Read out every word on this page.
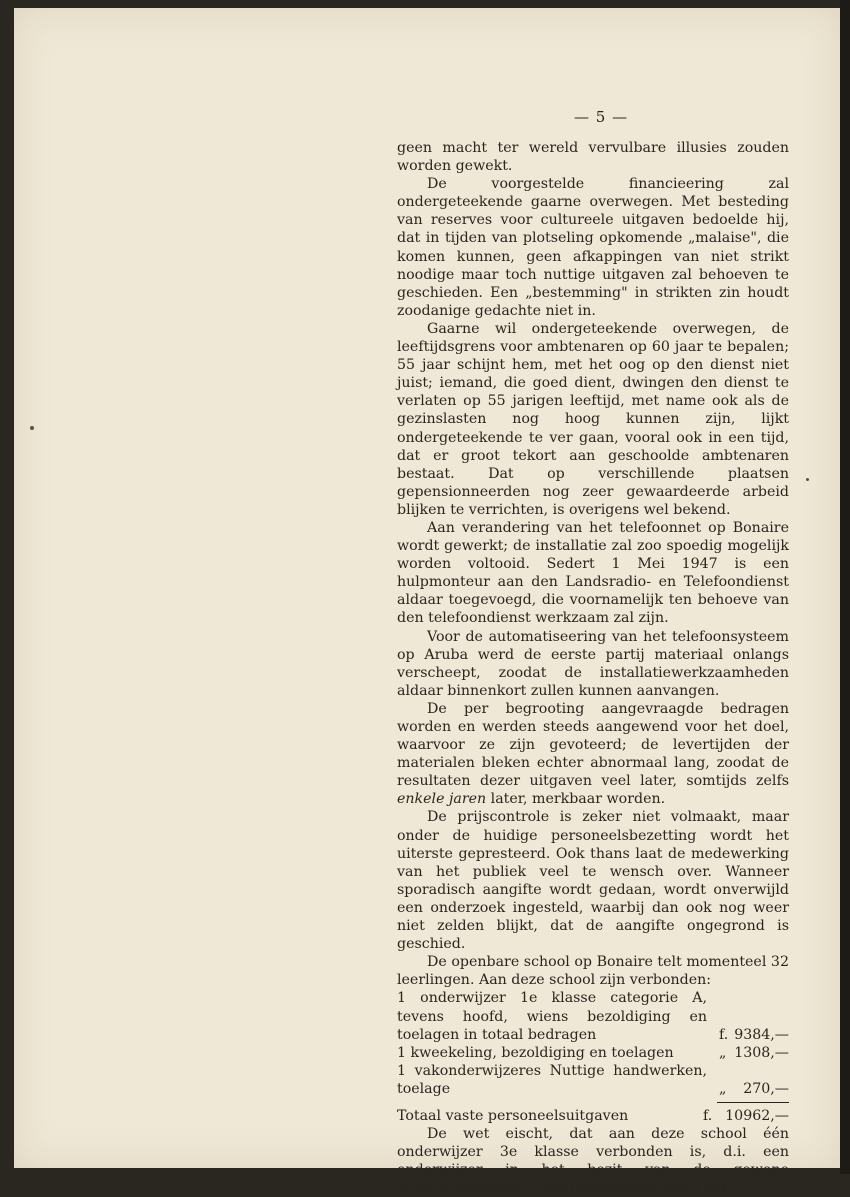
— 5 —

geen macht ter wereld vervulbare illusies zouden worden gewekt.

De voorgestelde financieering zal ondergeteekende gaarne overwegen. Met besteding van reserves voor cultureele uitgaven bedoelde hij, dat in tijden van plotseling opkomende „malaise", die komen kunnen, geen afkappingen van niet strikt noodige maar toch nuttige uitgaven zal behoeven te geschieden. Een „bestemming" in strikten zin houdt zoodanige gedachte niet in.

Gaarne wil ondergeteekende overwegen, de leeftijdsgrens voor ambtenaren op 60 jaar te bepalen; 55 jaar schijnt hem, met het oog op den dienst niet juist; iemand, die goed dient, dwingen den dienst te verlaten op 55 jarigen leeftijd, met name ook als de gezinslasten nog hoog kunnen zijn, lijkt ondergeteekende te ver gaan, vooral ook in een tijd, dat er groot tekort aan geschoolde ambtenaren bestaat. Dat op verschillende plaatsen gepensionneerden nog zeer gewaardeerde arbeid blijken te verrichten, is overigens wel bekend.

Aan verandering van het telefoonnet op Bonaire wordt gewerkt; de installatie zal zoo spoedig mogelijk worden voltooid. Sedert 1 Mei 1947 is een hulpmonteur aan den Landsradio- en Telefoondienst aldaar toegevoegd, die voornamelijk ten behoeve van den telefoondienst werkzaam zal zijn.

Voor de automatiseering van het telefoonsysteem op Aruba werd de eerste partij materiaal onlangs verscheept, zoodat de installatiewerkzaamheden aldaar binnenkort zullen kunnen aanvangen.

De per begrooting aangevraagde bedragen worden en werden steeds aangewend voor het doel, waarvoor ze zijn gevoteerd; de levertijden der materialen bleken echter abnormaal lang, zoodat de resultaten dezer uitgaven veel later, somtijds zelfs enkele jaren later, merkbaar worden.

De prijscontrole is zeker niet volmaakt, maar onder de huidige personeelsbezetting wordt het uiterste gepresteerd. Ook thans laat de medewerking van het publiek veel te wensch over. Wanneer sporadisch aangifte wordt gedaan, wordt onverwijld een onderzoek ingesteld, waarbij dan ook nog weer niet zelden blijkt, dat de aangifte ongegrond is geschied.

De openbare school op Bonaire telt momenteel 32 leerlingen. Aan deze school zijn verbonden:

1 onderwijzer 1e klasse categorie A, tevens hoofd, wiens bezoldiging en toelagen in totaal bedragen	f. 9384,—
1 kweekeling, bezoldiging en toelagen	„ 1308,—
1 vakonderwijzeres Nuttige handwerken, toelage	„ 270,—
Totaal vaste personeelsuitgaven	f. 10962,—

De wet eischt, dat aan deze school één onderwijzer 3e klasse verbonden is, d.i. een onderwijzer in het bezit van de gewone onderwijzersakte. Ondergeteekende heeft aan
